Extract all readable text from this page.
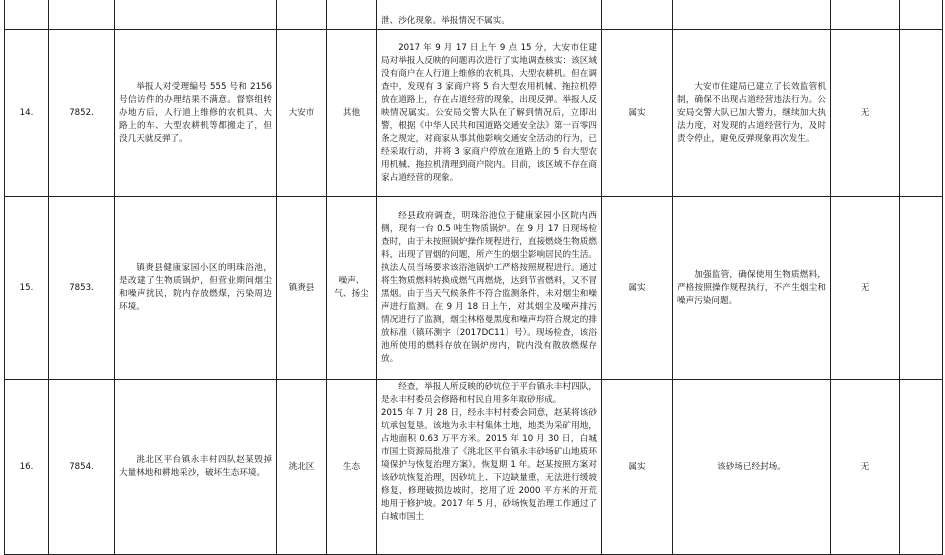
					泄、沙化现象。举报情况不属实。				
14.	7852.	举报人对受理编号 555 号和 2156 号信访件的办理结果不满意。督察组转办地方后，人行道上维修的农机具、大路上的车、大型农耕机等都搬走了，但没几天就反弹了。	大安市	其他	2017 年 9 月 17 日上午 9 点 15 分，大安市住建局对举报人反映的问题再次进行了实地调查核实：该区域没有商户在人行道上维修的农机具、大型农耕机。但在调查中，发现有 3 家商户将 5 台大型农用机械、拖拉机停放在道路上，存在占道经营的现象，出现反弹。举报人反映情况属实。公安局交警大队在了解到情况后，立即出警，根据《中华人民共和国道路交通安全法》第一百零四条之规定，对商家从事其他影响交通安全活动的行为，已经采取行动，并将 3 家商户停放在道路上的 5 台大型农用机械、拖拉机清理到商户院内。目前，该区域不存在商家占道经营的现象。	属实	大安市住建局已建立了长效监管机制，确保不出现占道经营违法行为。公安局交警大队已加大警力，继续加大执法力度，对发现的占道经营行为，及时责令停止，避免反弹现象再次发生。	无	
15.	7853.	镇赉县健康家园小区的明珠浴池，是改建了生物质锅炉，但营业期间烟尘和噪声扰民，院内存放燃煤，污染周边环境。	镇赉县	噪声、气、扬尘	经县政府调查，明珠浴池位于健康家园小区院内西侧，现有一台 0.5 吨生物质锅炉。在 9 月 17 日现场检查时，由于未按照锅炉操作规程进行，直接燃烧生物质燃料，出现了冒烟的问题，所产生的烟尘影响居民的生活。执法人员当场要求该浴池锅炉工严格按照规程进行。通过将生物质燃料转换成燃气再燃烧，达到节省燃料，又不冒黑烟。由于当天气候条件不符合监测条件，未对烟尘和噪声进行监测。在 9 月 18 日上午，对其烟尘及噪声排污情况进行了监测，烟尘林格曼黑度和噪声均符合规定的排放标准（镇环测字〔2017DC11〕号）。现场检查，该浴池所使用的燃料存放在锅炉房内，院内没有散放燃煤存放。	属实	加强监管，确保使用生物质燃料，严格按照操作规程执行，不产生烟尘和噪声污染问题。	无	
16.	7854.	洮北区平台镇永丰村四队赵某毁掉大量林地和耕地采沙，破坏生态环境。	洮北区	生态	经查，举报人所反映的砂坑位于平台镇永丰村四队，是永丰村委员会修路和村民自用多年取砂形成。
2015 年 7 月 28 日，经永丰村村委会同意，赵某将该砂坑承包复垦。该地为永丰村集体土地，地类为采矿用地，占地面积 0.63 万平方米。2015 年 10 月 30 日，白城市国土资源局批准了《洮北区平台镇永丰砂场矿山地质环境保护与恢复治理方案》，恢复期 1 年。赵某按照方案对该砂坑恢复治理，因砂坑上、下边缺量重，无法进行缓坡修复，修理破损边坡时，挖用了近 2000 平方米的开荒地用于修护坡。2017 年 5 月，砂场恢复治理工作通过了白城市国土	属实	该砂场已经封场。	无	
